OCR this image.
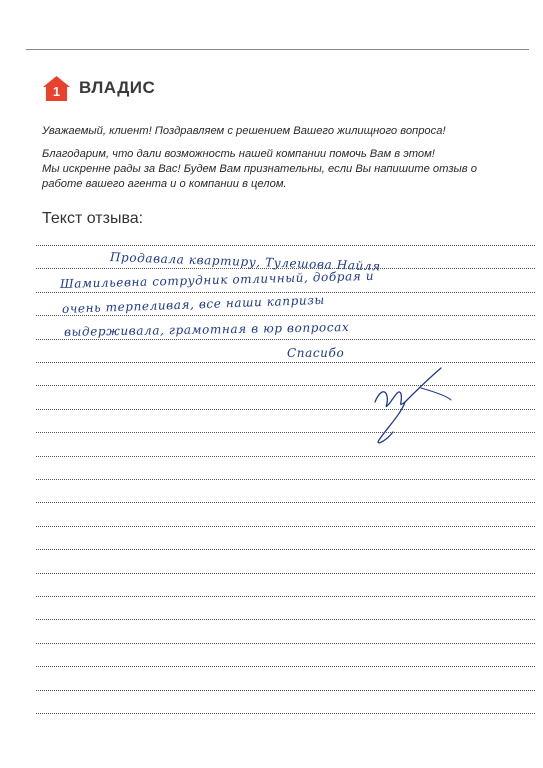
1 ВЛАДИС

Уважаемый, клиент! Поздравляем с решением Вашего жилищного вопроса!

Благодарим, что дали возможность нашей компании помочь Вам в этом!

Мы искренне рады за Вас! Будем Вам признательны, если Вы напишите отзыв о работе вашего агента и о компании в целом.

Текст отзыва:
Продавала квартиру, Тулешова Найля
Шамильевна сотрудник отличный, добрая и
очень терпеливая, все наши капризы
выдерживала, грамотная в юр вопросах
Спасибо
